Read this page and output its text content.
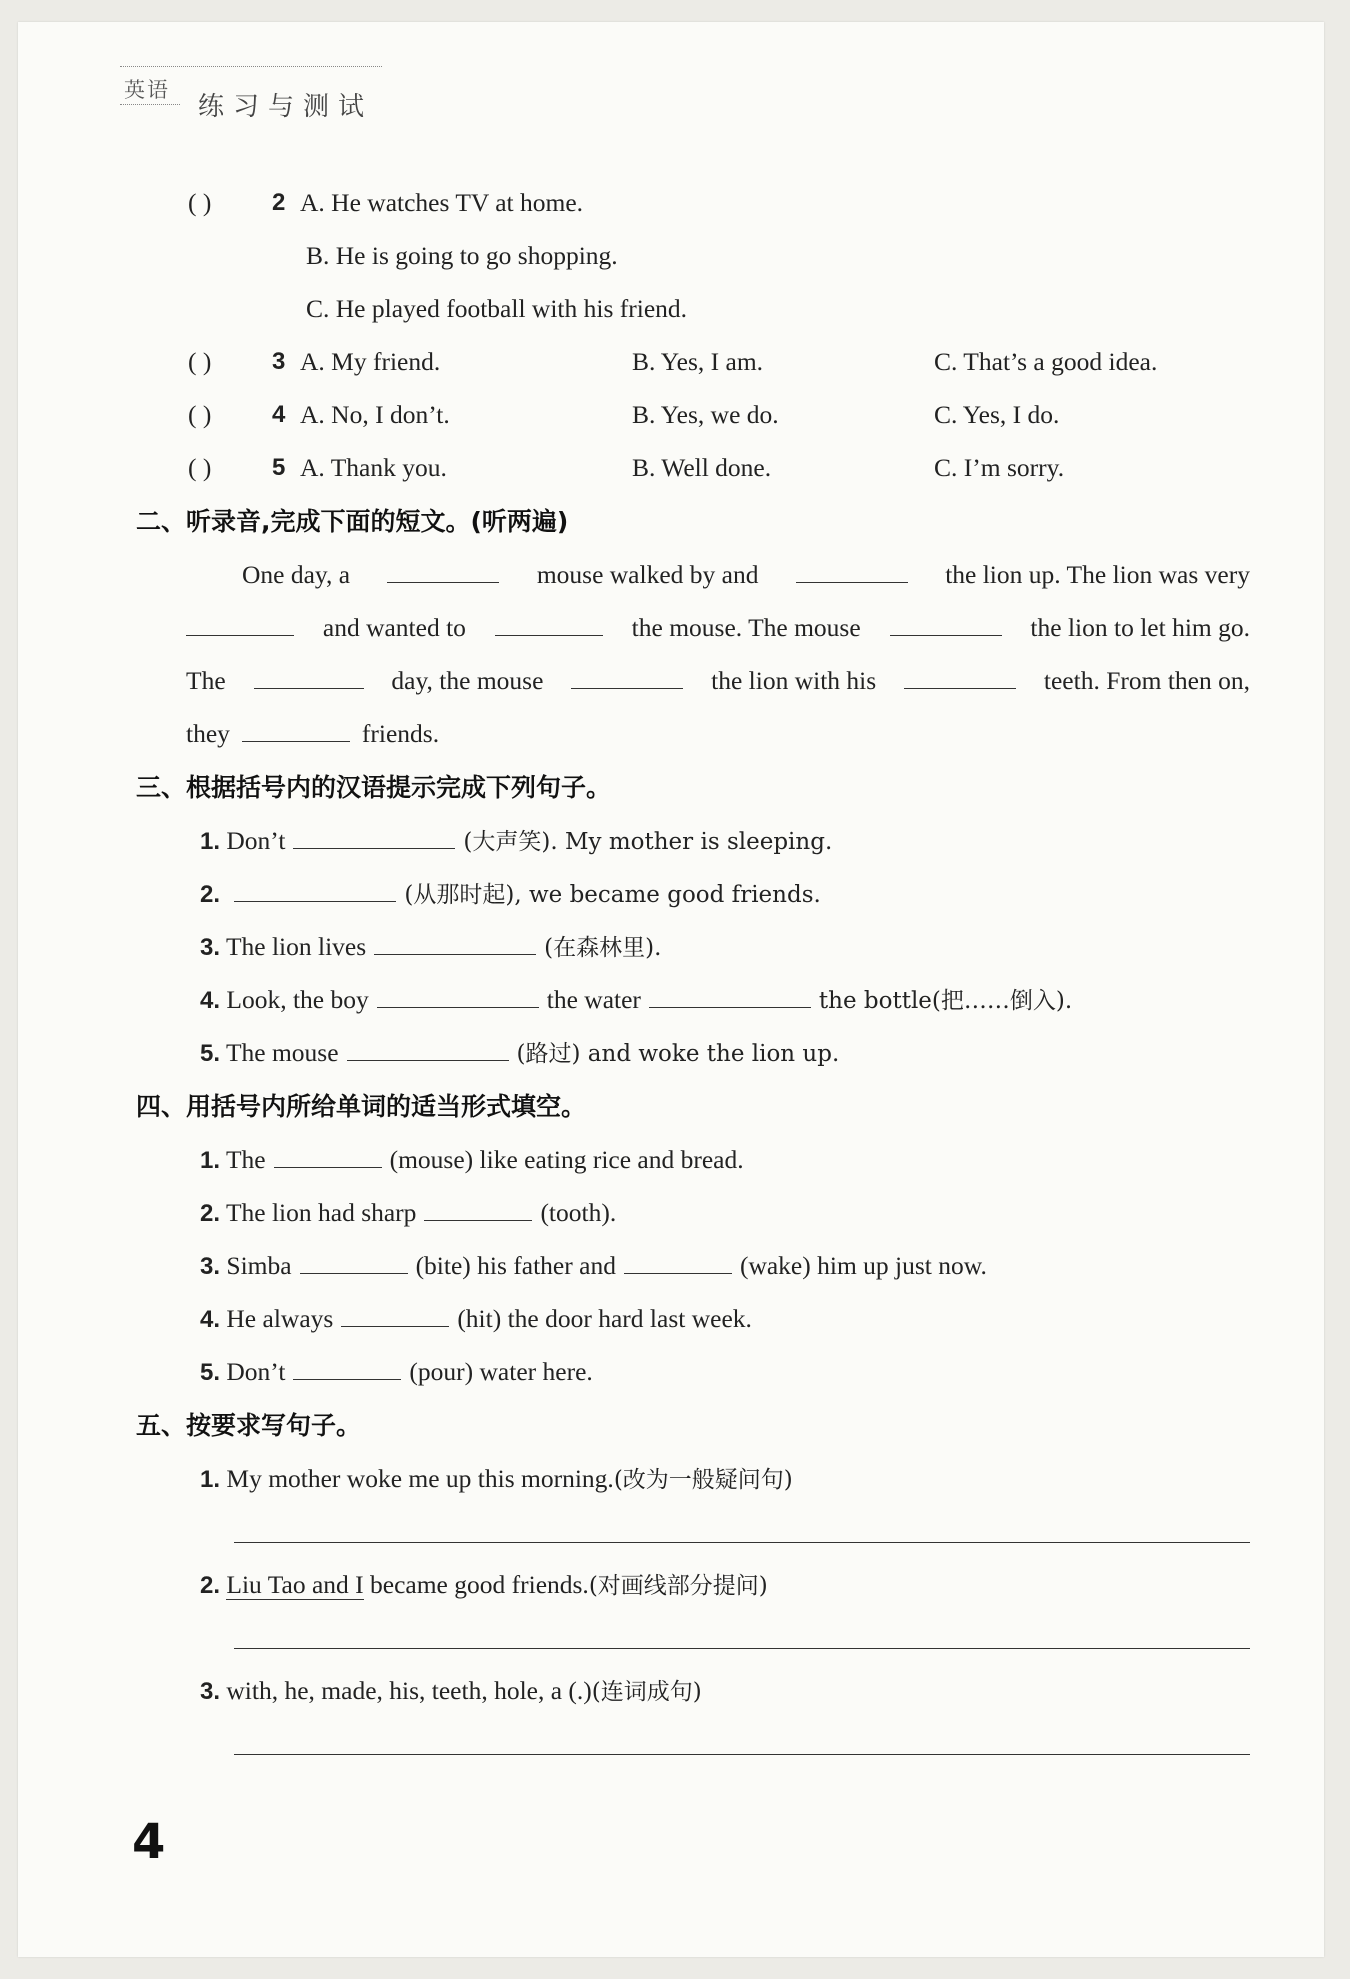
英语
练习与测试
( )	2 A. He watches TV at home.
B. He is going to go shopping.
C. He played football with his friend.
( )	3 A. My friend.	B. Yes, I am.	C. That’s a good idea.
( )	4 A. No, I don’t.	B. Yes, we do.	C. Yes, I do.
( )	5 A. Thank you.	B. Well done.	C. I’m sorry.
二、听录音,完成下面的短文。(听两遍)
One day, a	mouse walked by and	the lion up. The lion was very
and wanted to	the mouse. The mouse	the lion to let him go.
The	day, the mouse	the lion with his	teeth. From then on,
they	friends.
三、根据括号内的汉语提示完成下列句子。
1. Don’t	(大声笑). My mother is sleeping.
2.	(从那时起), we became good friends.
3. The lion lives	(在森林里).
4. Look, the boy	the water	the bottle(把……倒入).
5. The mouse	(路过) and woke the lion up.
四、用括号内所给单词的适当形式填空。
1. The	(mouse) like eating rice and bread.
2. The lion had sharp	(tooth).
3. Simba	(bite) his father and	(wake) him up just now.
4. He always	(hit) the door hard last week.
5. Don’t	(pour) water here.
五、按要求写句子。
1. My mother woke me up this morning.(改为一般疑问句)
2. Liu Tao and I became good friends.(对画线部分提问)
3. with, he, made, his, teeth, hole, a (.)(连词成句)
4
